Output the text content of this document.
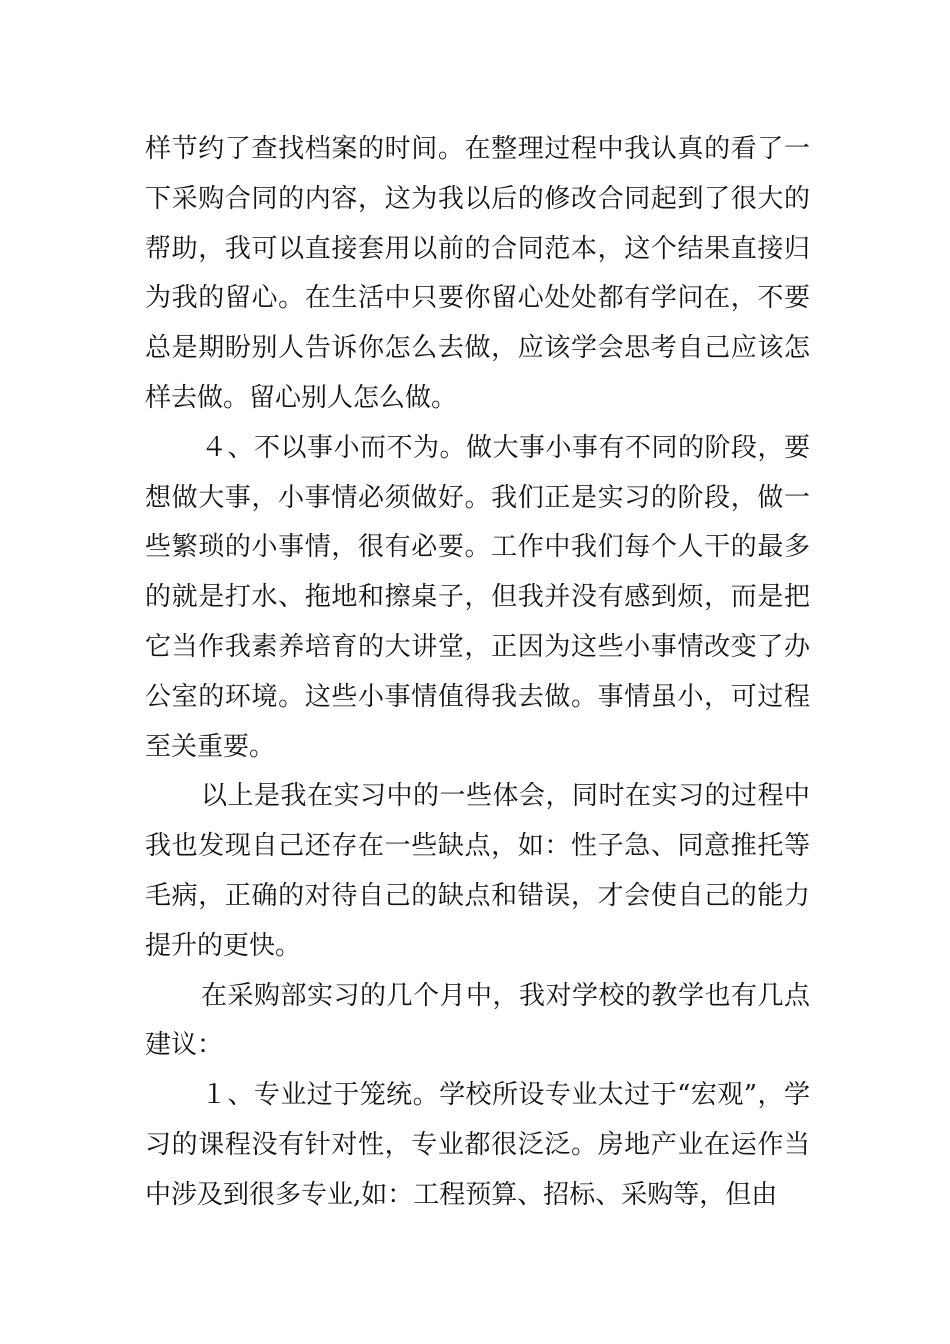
样节约了查找档案的时间。在整理过程中我认真的看了一下采购合同的内容，这为我以后的修改合同起到了很大的帮助，我可以直接套用以前的合同范本，这个结果直接归为我的留心。在生活中只要你留心处处都有学问在，不要总是期盼别人告诉你怎么去做，应该学会思考自己应该怎样去做。留心别人怎么做。

４、不以事小而不为。做大事小事有不同的阶段，要想做大事，小事情必须做好。我们正是实习的阶段，做一些繁琐的小事情，很有必要。工作中我们每个人干的最多的就是打水、拖地和擦桌子，但我并没有感到烦，而是把它当作我素养培育的大讲堂，正因为这些小事情改变了办公室的环境。这些小事情值得我去做。事情虽小，可过程至关重要。

以上是我在实习中的一些体会，同时在实习的过程中我也发现自己还存在一些缺点，如：性子急、同意推托等毛病，正确的对待自己的缺点和错误，才会使自己的能力提升的更快。

在采购部实习的几个月中，我对学校的教学也有几点建议：

１、专业过于笼统。学校所设专业太过于“宏观”，学习的课程没有针对性，专业都很泛泛。房地产业在运作当中涉及到很多专业,如：工程预算、招标、采购等，但由
